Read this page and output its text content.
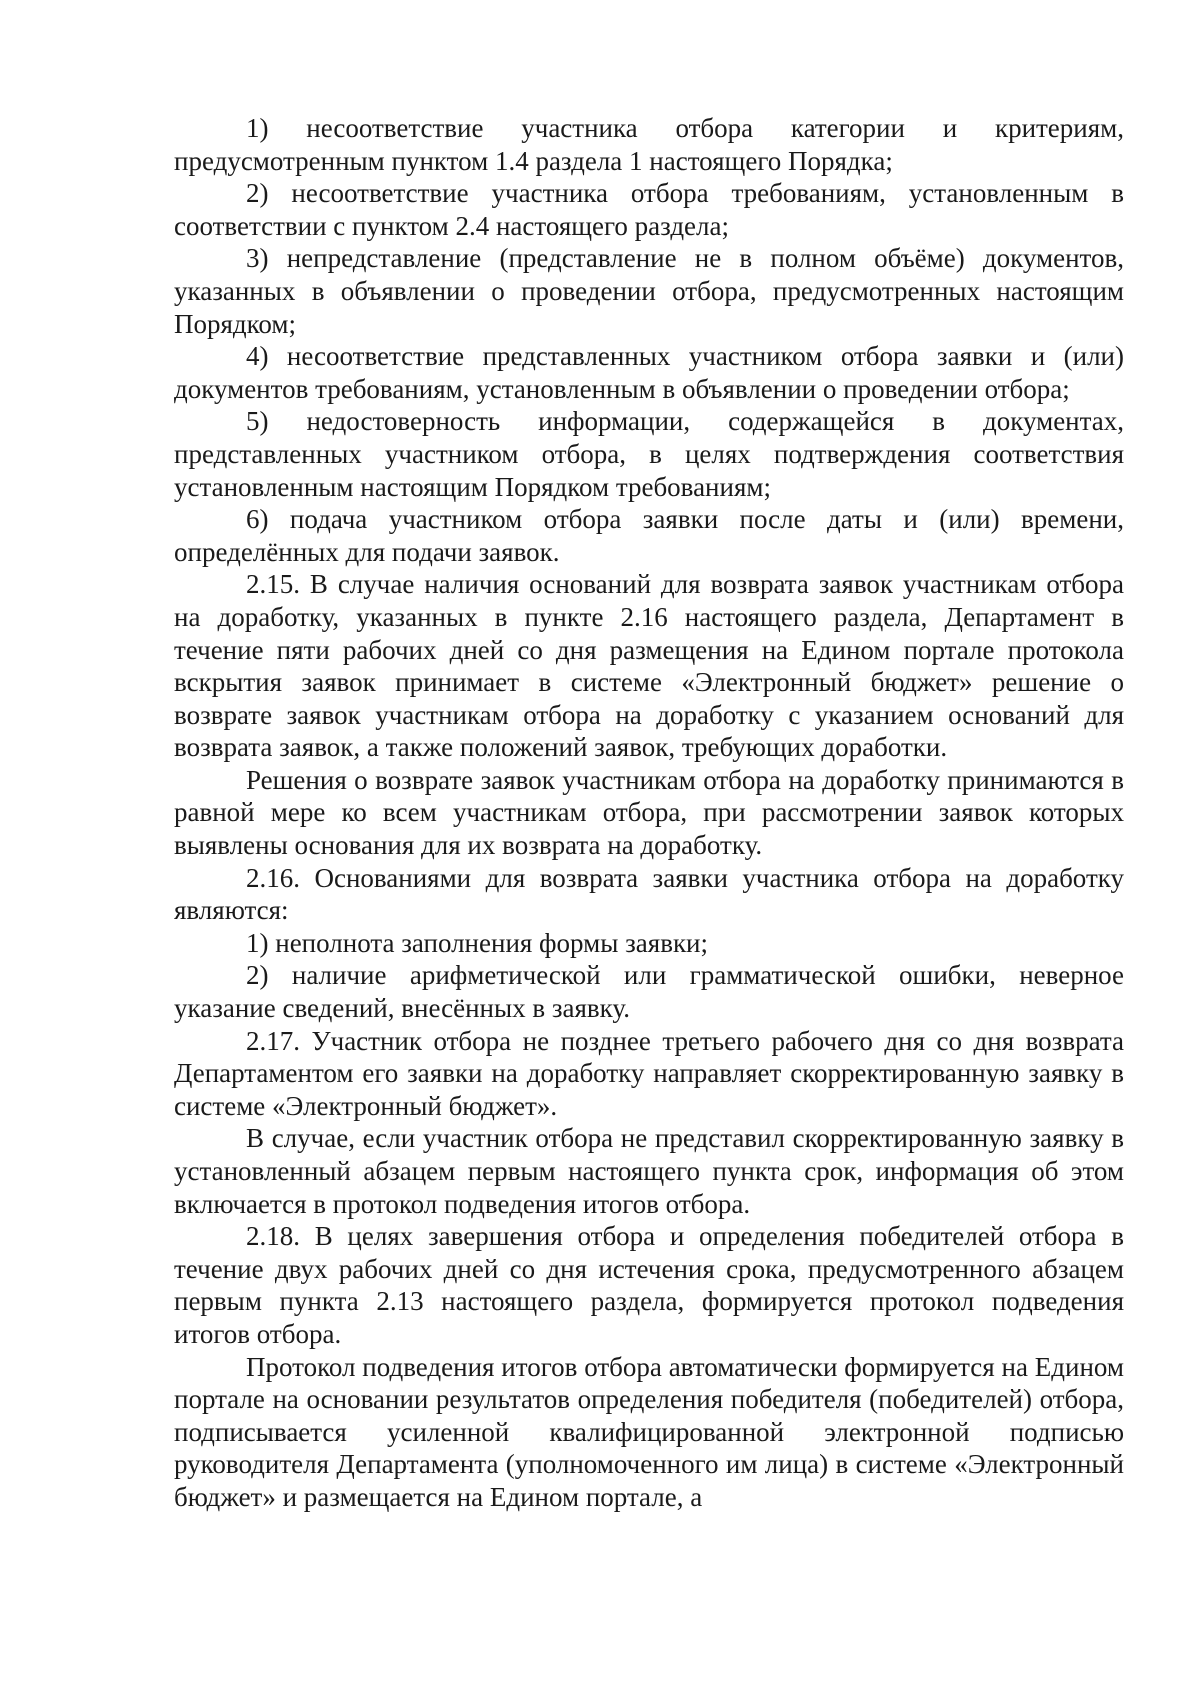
1) несоответствие участника отбора категории и критериям, предусмотренным пунктом 1.4 раздела 1 настоящего Порядка;

2) несоответствие участника отбора требованиям, установленным в соответствии с пунктом 2.4 настоящего раздела;

3) непредставление (представление не в полном объёме) документов, указанных в объявлении о проведении отбора, предусмотренных настоящим Порядком;

4) несоответствие представленных участником отбора заявки и (или) документов требованиям, установленным в объявлении о проведении отбора;

5) недостоверность информации, содержащейся в документах, представленных участником отбора, в целях подтверждения соответствия установленным настоящим Порядком требованиям;

6) подача участником отбора заявки после даты и (или) времени, определённых для подачи заявок.

2.15. В случае наличия оснований для возврата заявок участникам отбора на доработку, указанных в пункте 2.16 настоящего раздела, Департамент в течение пяти рабочих дней со дня размещения на Едином портале протокола вскрытия заявок принимает в системе «Электронный бюджет» решение о возврате заявок участникам отбора на доработку с указанием оснований для возврата заявок, а также положений заявок, требующих доработки.

Решения о возврате заявок участникам отбора на доработку принимаются в равной мере ко всем участникам отбора, при рассмотрении заявок которых выявлены основания для их возврата на доработку.

2.16. Основаниями для возврата заявки участника отбора на доработку являются:

1) неполнота заполнения формы заявки;

2) наличие арифметической или грамматической ошибки, неверное указание сведений, внесённых в заявку.

2.17. Участник отбора не позднее третьего рабочего дня со дня возврата Департаментом его заявки на доработку направляет скорректированную заявку в системе «Электронный бюджет».

В случае, если участник отбора не представил скорректированную заявку в установленный абзацем первым настоящего пункта срок, информация об этом включается в протокол подведения итогов отбора.

2.18. В целях завершения отбора и определения победителей отбора в течение двух рабочих дней со дня истечения срока, предусмотренного абзацем первым пункта 2.13 настоящего раздела, формируется протокол подведения итогов отбора.

Протокол подведения итогов отбора автоматически формируется на Едином портале на основании результатов определения победителя (победителей) отбора, подписывается усиленной квалифицированной электронной подписью руководителя Департамента (уполномоченного им лица) в системе «Электронный бюджет» и размещается на Едином портале, а
